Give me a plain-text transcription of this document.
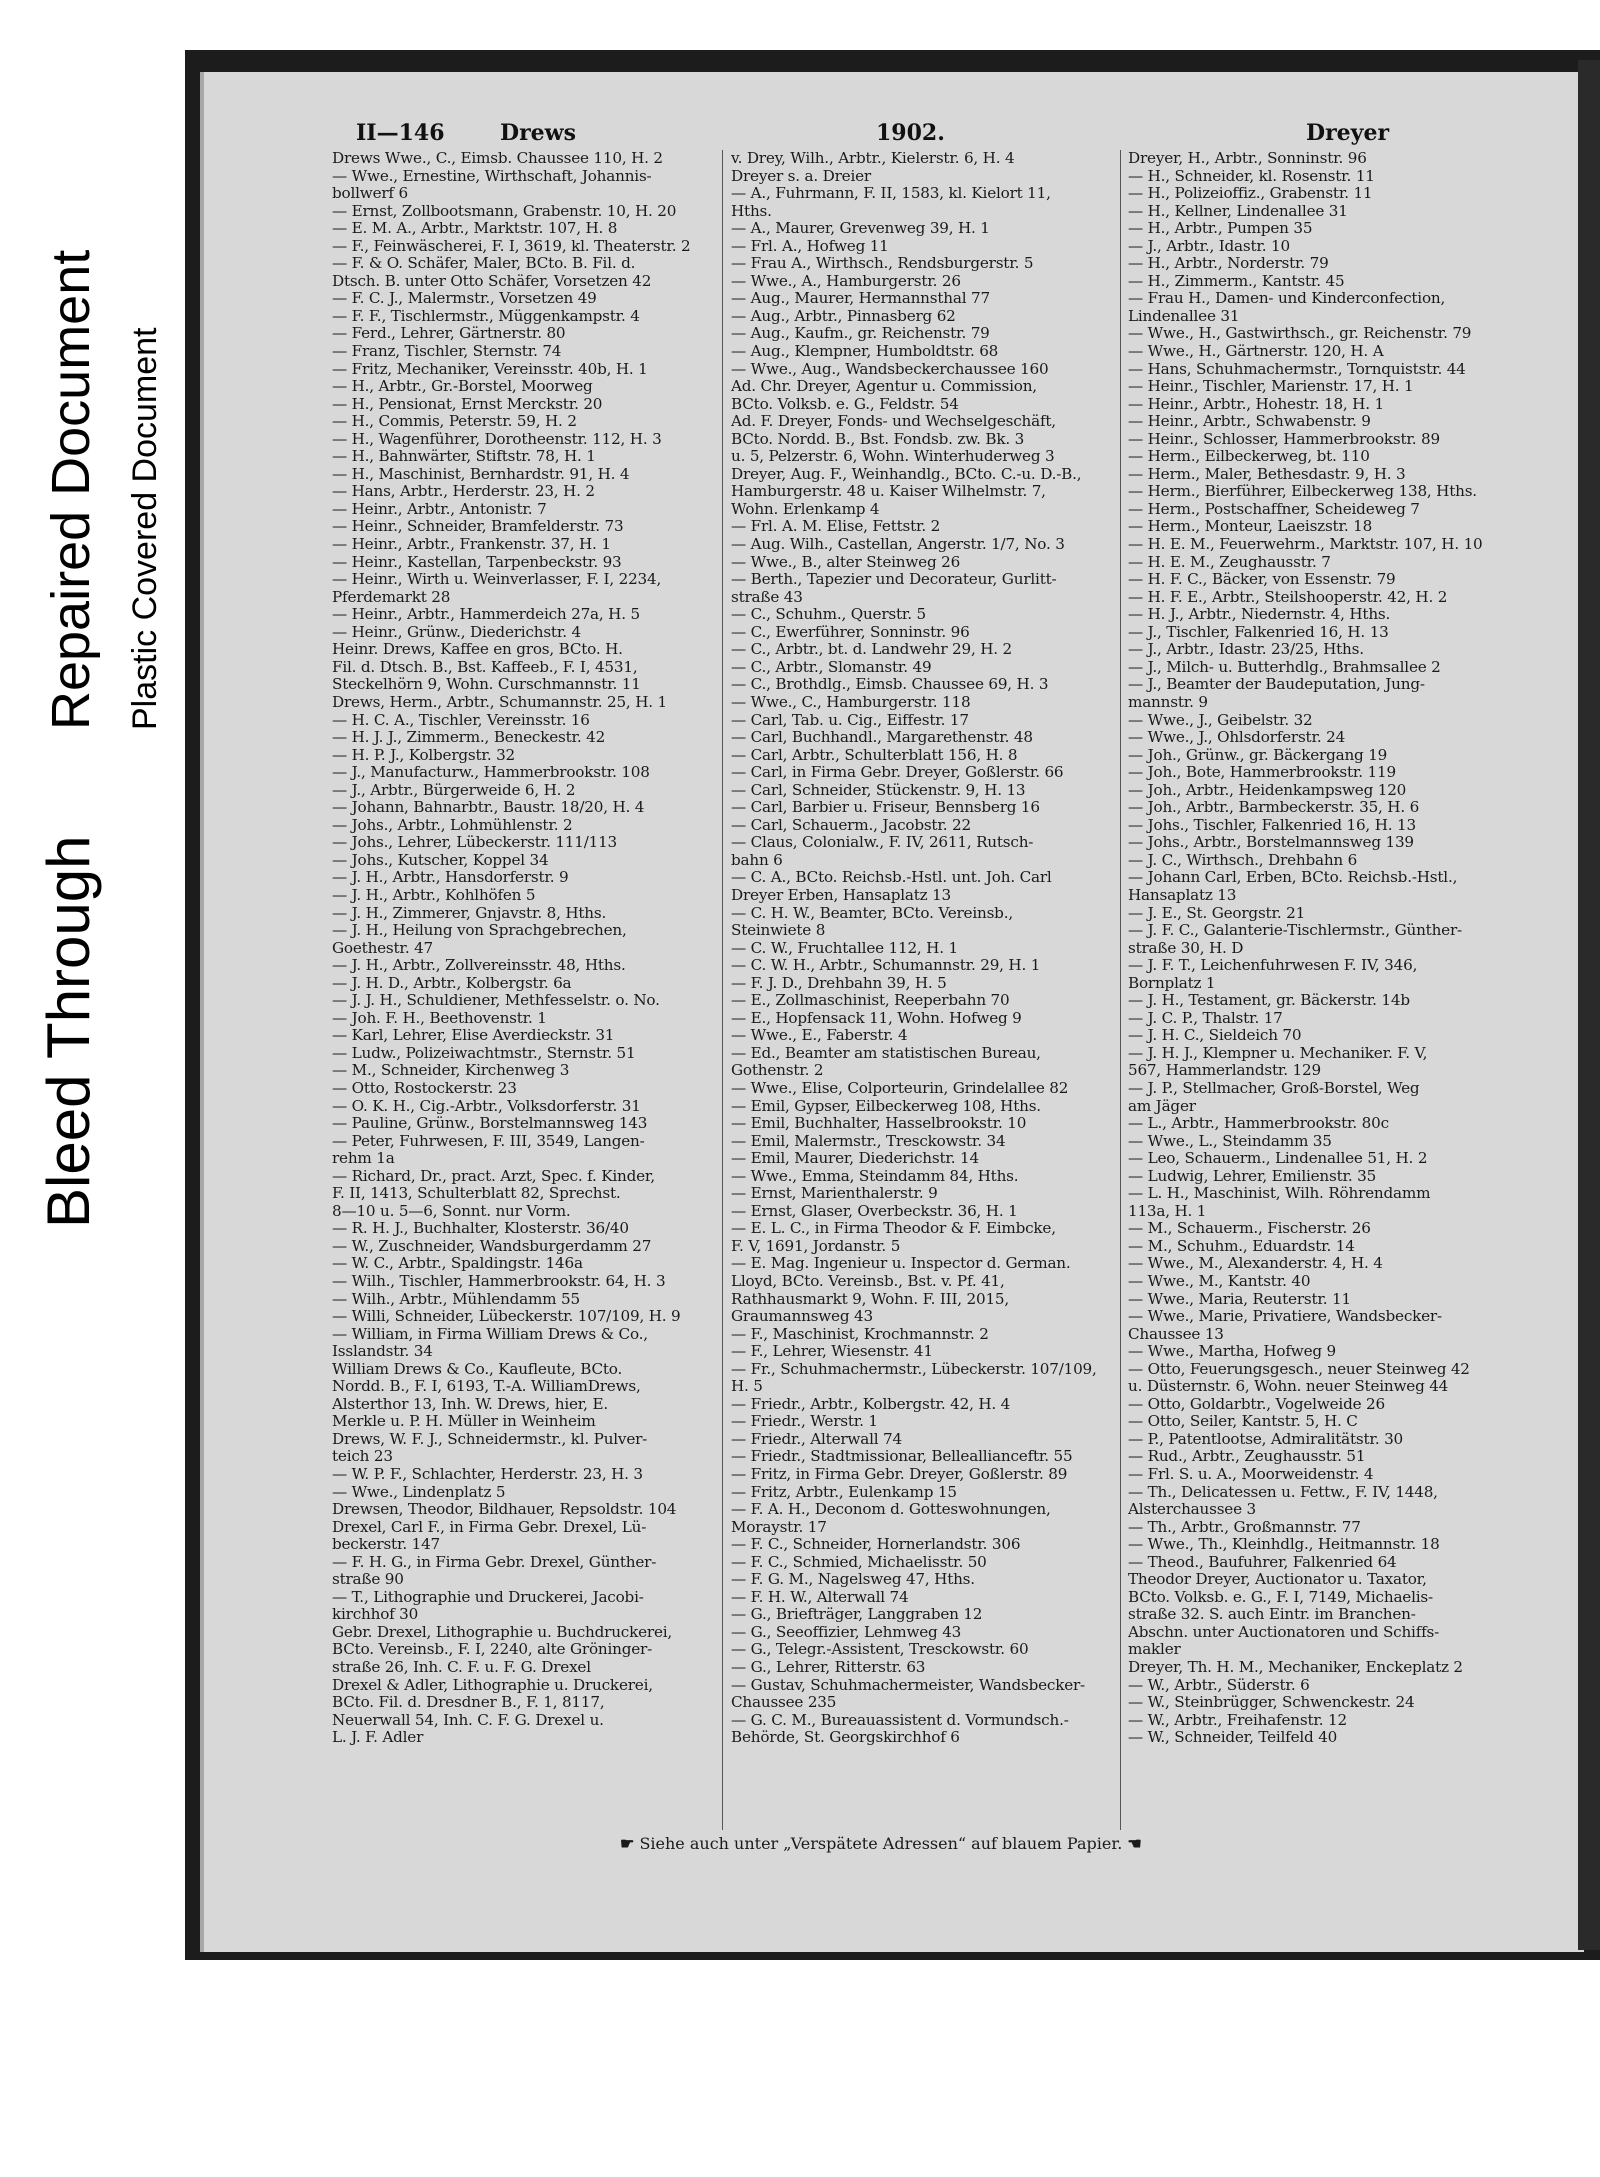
Bleed Through
Repaired Document Plastic Covered Document
II—146	Drews	1902.	Dreyer
Drews Wwe., C., Eimsb. Chaussee 110, H. 2
— Wwe., Ernestine, Wirthschaft, Johannis-
bollwerf 6
— Ernst, Zollbootsmann, Grabenstr. 10, H. 20
— E. M. A., Arbtr., Marktstr. 107, H. 8
— F., Feinwäscherei, F. I, 3619, kl. Theaterstr. 2
— F. & O. Schäfer, Maler, BCto. B. Fil. d.
Dtsch. B. unter Otto Schäfer, Vorsetzen 42
— F. C. J., Malermstr., Vorsetzen 49
— F. F., Tischlermstr., Müggenkampstr. 4
— Ferd., Lehrer, Gärtnerstr. 80
— Franz, Tischler, Sternstr. 74
— Fritz, Mechaniker, Vereinsstr. 40b, H. 1
— H., Arbtr., Gr.-Borstel, Moorweg
— H., Pensionat, Ernst Merckstr. 20
— H., Commis, Peterstr. 59, H. 2
— H., Wagenführer, Dorotheenstr. 112, H. 3
— H., Bahnwärter, Stiftstr. 78, H. 1
— H., Maschinist, Bernhardstr. 91, H. 4
— Hans, Arbtr., Herderstr. 23, H. 2
— Heinr., Arbtr., Antonistr. 7
— Heinr., Schneider, Bramfelderstr. 73
— Heinr., Arbtr., Frankenstr. 37, H. 1
— Heinr., Kastellan, Tarpenbeckstr. 93
— Heinr., Wirth u. Weinverlasser, F. I, 2234,
Pferdemarkt 28
— Heinr., Arbtr., Hammerdeich 27a, H. 5
— Heinr., Grünw., Diederichstr. 4
Heinr. Drews, Kaffee en gros, BCto. H.
Fil. d. Dtsch. B., Bst. Kaffeeb., F. I, 4531,
Steckelhörn 9, Wohn. Curschmannstr. 11
Drews, Herm., Arbtr., Schumannstr. 25, H. 1
— H. C. A., Tischler, Vereinsstr. 16
— H. J. J., Zimmerm., Beneckestr. 42
— H. P. J., Kolbergstr. 32
— J., Manufacturw., Hammerbrookstr. 108
— J., Arbtr., Bürgerweide 6, H. 2
— Johann, Bahnarbtr., Baustr. 18/20, H. 4
— Johs., Arbtr., Lohmühlenstr. 2
— Johs., Lehrer, Lübeckerstr. 111/113
— Johs., Kutscher, Koppel 34
— J. H., Arbtr., Hansdorferstr. 9
— J. H., Arbtr., Kohlhöfen 5
— J. H., Zimmerer, Gnjavstr. 8, Hths.
— J. H., Heilung von Sprachgebrechen,
Goethestr. 47
— J. H., Arbtr., Zollvereinsstr. 48, Hths.
— J. H. D., Arbtr., Kolbergstr. 6a
— J. J. H., Schuldiener, Methfesselstr. o. No.
— Joh. F. H., Beethovenstr. 1
— Karl, Lehrer, Elise Averdieckstr. 31
— Ludw., Polizeiwachtmstr., Sternstr. 51
— M., Schneider, Kirchenweg 3
— Otto, Rostockerstr. 23
— O. K. H., Cig.-Arbtr., Volksdorferstr. 31
— Pauline, Grünw., Borstelmannsweg 143
— Peter, Fuhrwesen, F. III, 3549, Langen-
rehm 1a
— Richard, Dr., pract. Arzt, Spec. f. Kinder,
F. II, 1413, Schulterblatt 82, Sprechst.
8—10 u. 5—6, Sonnt. nur Vorm.
— R. H. J., Buchhalter, Klosterstr. 36/40
— W., Zuschneider, Wandsburgerdamm 27
— W. C., Arbtr., Spaldingstr. 146a
— Wilh., Tischler, Hammerbrookstr. 64, H. 3
— Wilh., Arbtr., Mühlendamm 55
— Willi, Schneider, Lübeckerstr. 107/109, H. 9
— William, in Firma William Drews & Co.,
Isslandstr. 34
William Drews & Co., Kaufleute, BCto.
Nordd. B., F. I, 6193, T.-A. WilliamDrews,
Alsterthor 13, Inh. W. Drews, hier, E.
Merkle u. P. H. Müller in Weinheim
Drews, W. F. J., Schneidermstr., kl. Pulver-
teich 23
— W. P. F., Schlachter, Herderstr. 23, H. 3
— Wwe., Lindenplatz 5
Drewsen, Theodor, Bildhauer, Repsoldstr. 104
Drexel, Carl F., in Firma Gebr. Drexel, Lü-
beckerstr. 147
— F. H. G., in Firma Gebr. Drexel, Günther-
straße 90
— T., Lithographie und Druckerei, Jacobi-
kirchhof 30
Gebr. Drexel, Lithographie u. Buchdruckerei,
BCto. Vereinsb., F. I, 2240, alte Gröninger-
straße 26, Inh. C. F. u. F. G. Drexel
Drexel & Adler, Lithographie u. Druckerei,
BCto. Fil. d. Dresdner B., F. 1, 8117,
Neuerwall 54, Inh. C. F. G. Drexel u.
L. J. F. Adler
v. Drey, Wilh., Arbtr., Kielerstr. 6, H. 4
Dreyer s. a. Dreier
— A., Fuhrmann, F. II, 1583, kl. Kielort 11,
Hths.
— A., Maurer, Grevenweg 39, H. 1
— Frl. A., Hofweg 11
— Frau A., Wirthsch., Rendsburgerstr. 5
— Wwe., A., Hamburgerstr. 26
— Aug., Maurer, Hermannsthal 77
— Aug., Arbtr., Pinnasberg 62
— Aug., Kaufm., gr. Reichenstr. 79
— Aug., Klempner, Humboldtstr. 68
— Wwe., Aug., Wandsbeckerchaussee 160
Ad. Chr. Dreyer, Agentur u. Commission,
BCto. Volksb. e. G., Feldstr. 54
Ad. F. Dreyer, Fonds- und Wechselgeschäft,
BCto. Nordd. B., Bst. Fondsb. zw. Bk. 3
u. 5, Pelzerstr. 6, Wohn. Winterhuderweg 3
Dreyer, Aug. F., Weinhandlg., BCto. C.-u. D.-B.,
Hamburgerstr. 48 u. Kaiser Wilhelmstr. 7,
Wohn. Erlenkamp 4
— Frl. A. M. Elise, Fettstr. 2
— Aug. Wilh., Castellan, Angerstr. 1/7, No. 3
— Wwe., B., alter Steinweg 26
— Berth., Tapezier und Decorateur, Gurlitt-
straße 43
— C., Schuhm., Querstr. 5
— C., Ewerführer, Sonninstr. 96
— C., Arbtr., bt. d. Landwehr 29, H. 2
— C., Arbtr., Slomanstr. 49
— C., Brothdlg., Eimsb. Chaussee 69, H. 3
— Wwe., C., Hamburgerstr. 118
— Carl, Tab. u. Cig., Eiffestr. 17
— Carl, Buchhandl., Margarethenstr. 48
— Carl, Arbtr., Schulterblatt 156, H. 8
— Carl, in Firma Gebr. Dreyer, Goßlerstr. 66
— Carl, Schneider, Stückenstr. 9, H. 13
— Carl, Barbier u. Friseur, Bennsberg 16
— Carl, Schauerm., Jacobstr. 22
— Claus, Colonialw., F. IV, 2611, Rutsch-
bahn 6
— C. A., BCto. Reichsb.-Hstl. unt. Joh. Carl
Dreyer Erben, Hansaplatz 13
— C. H. W., Beamter, BCto. Vereinsb.,
Steinwiete 8
— C. W., Fruchtallee 112, H. 1
— C. W. H., Arbtr., Schumannstr. 29, H. 1
— F. J. D., Drehbahn 39, H. 5
— E., Zollmaschinist, Reeperbahn 70
— E., Hopfensack 11, Wohn. Hofweg 9
— Wwe., E., Faberstr. 4
— Ed., Beamter am statistischen Bureau,
Gothenstr. 2
— Wwe., Elise, Colporteurin, Grindelallee 82
— Emil, Gypser, Eilbeckerweg 108, Hths.
— Emil, Buchhalter, Hasselbrookstr. 10
— Emil, Malermstr., Tresckowstr. 34
— Emil, Maurer, Diederichstr. 14
— Wwe., Emma, Steindamm 84, Hths.
— Ernst, Marienthalerstr. 9
— Ernst, Glaser, Overbeckstr. 36, H. 1
— E. L. C., in Firma Theodor & F. Eimbcke,
F. V, 1691, Jordanstr. 5
— E. Mag. Ingenieur u. Inspector d. German.
Lloyd, BCto. Vereinsb., Bst. v. Pf. 41,
Rathhausmarkt 9, Wohn. F. III, 2015,
Graumannsweg 43
— F., Maschinist, Krochmannstr. 2
— F., Lehrer, Wiesenstr. 41
— Fr., Schuhmachermstr., Lübeckerstr. 107/109,
H. 5
— Friedr., Arbtr., Kolbergstr. 42, H. 4
— Friedr., Werstr. 1
— Friedr., Alterwall 74
— Friedr., Stadtmissionar, Belleallianceftr. 55
— Fritz, in Firma Gebr. Dreyer, Goßlerstr. 89
— Fritz, Arbtr., Eulenkamp 15
— F. A. H., Deconom d. Gotteswohnungen,
Moraystr. 17
— F. C., Schneider, Hornerlandstr. 306
— F. C., Schmied, Michaelisstr. 50
— F. G. M., Nagelsweg 47, Hths.
— F. H. W., Alterwall 74
— G., Briefträger, Langgraben 12
— G., Seeoffizier, Lehmweg 43
— G., Telegr.-Assistent, Tresckowstr. 60
— G., Lehrer, Ritterstr. 63
— Gustav, Schuhmachermeister, Wandsbecker-
Chaussee 235
— G. C. M., Bureauassistent d. Vormundsch.-
Behörde, St. Georgskirchhof 6
Dreyer, H., Arbtr., Sonninstr. 96
— H., Schneider, kl. Rosenstr. 11
— H., Polizeioffiz., Grabenstr. 11
— H., Kellner, Lindenallee 31
— H., Arbtr., Pumpen 35
— J., Arbtr., Idastr. 10
— H., Arbtr., Norderstr. 79
— H., Zimmerm., Kantstr. 45
— Frau H., Damen- und Kinderconfection,
Lindenallee 31
— Wwe., H., Gastwirthsch., gr. Reichenstr. 79
— Wwe., H., Gärtnerstr. 120, H. A
— Hans, Schuhmachermstr., Tornquiststr. 44
— Heinr., Tischler, Marienstr. 17, H. 1
— Heinr., Arbtr., Hohestr. 18, H. 1
— Heinr., Arbtr., Schwabenstr. 9
— Heinr., Schlosser, Hammerbrookstr. 89
— Herm., Eilbeckerweg, bt. 110
— Herm., Maler, Bethesdastr. 9, H. 3
— Herm., Bierführer, Eilbeckerweg 138, Hths.
— Herm., Postschaffner, Scheideweg 7
— Herm., Monteur, Laeiszstr. 18
— H. E. M., Feuerwehrm., Marktstr. 107, H. 10
— H. E. M., Zeughausstr. 7
— H. F. C., Bäcker, von Essenstr. 79
— H. F. E., Arbtr., Steilshooperstr. 42, H. 2
— H. J., Arbtr., Niedernstr. 4, Hths.
— J., Tischler, Falkenried 16, H. 13
— J., Arbtr., Idastr. 23/25, Hths.
— J., Milch- u. Butterhdlg., Brahmsallee 2
— J., Beamter der Baudeputation, Jung-
mannstr. 9
— Wwe., J., Geibelstr. 32
— Wwe., J., Ohlsdorferstr. 24
— Joh., Grünw., gr. Bäckergang 19
— Joh., Bote, Hammerbrookstr. 119
— Joh., Arbtr., Heidenkampsweg 120
— Joh., Arbtr., Barmbeckerstr. 35, H. 6
— Johs., Tischler, Falkenried 16, H. 13
— Johs., Arbtr., Borstelmannsweg 139
— J. C., Wirthsch., Drehbahn 6
— Johann Carl, Erben, BCto. Reichsb.-Hstl.,
Hansaplatz 13
— J. E., St. Georgstr. 21
— J. F. C., Galanterie-Tischlermstr., Günther-
straße 30, H. D
— J. F. T., Leichenfuhrwesen F. IV, 346,
Bornplatz 1
— J. H., Testament, gr. Bäckerstr. 14b
— J. C. P., Thalstr. 17
— J. H. C., Sieldeich 70
— J. H. J., Klempner u. Mechaniker. F. V,
567, Hammerlandstr. 129
— J. P., Stellmacher, Groß-Borstel, Weg
am Jäger
— L., Arbtr., Hammerbrookstr. 80c
— Wwe., L., Steindamm 35
— Leo, Schauerm., Lindenallee 51, H. 2
— Ludwig, Lehrer, Emilienstr. 35
— L. H., Maschinist, Wilh. Röhrendamm
113a, H. 1
— M., Schauerm., Fischerstr. 26
— M., Schuhm., Eduardstr. 14
— Wwe., M., Alexanderstr. 4, H. 4
— Wwe., M., Kantstr. 40
— Wwe., Maria, Reuterstr. 11
— Wwe., Marie, Privatiere, Wandsbecker-
Chaussee 13
— Wwe., Martha, Hofweg 9
— Otto, Feuerungsgesch., neuer Steinweg 42
u. Düsternstr. 6, Wohn. neuer Steinweg 44
— Otto, Goldarbtr., Vogelweide 26
— Otto, Seiler, Kantstr. 5, H. C
— P., Patentlootse, Admiralitätstr. 30
— Rud., Arbtr., Zeughausstr. 51
— Frl. S. u. A., Moorweidenstr. 4
— Th., Delicatessen u. Fettw., F. IV, 1448,
Alsterchaussee 3
— Th., Arbtr., Großmannstr. 77
— Wwe., Th., Kleinhdlg., Heitmannstr. 18
— Theod., Baufuhrer, Falkenried 64
Theodor Dreyer, Auctionator u. Taxator,
BCto. Volksb. e. G., F. I, 7149, Michaelis-
straße 32. S. auch Eintr. im Branchen-
Abschn. unter Auctionatoren und Schiffs-
makler
Dreyer, Th. H. M., Mechaniker, Enckeplatz 2
— W., Arbtr., Süderstr. 6
— W., Steinbrügger, Schwenckestr. 24
— W., Arbtr., Freihafenstr. 12
— W., Schneider, Teilfeld 40
☛ Siehe auch unter „Verspätete Adressen“ auf blauem Papier. ☚
